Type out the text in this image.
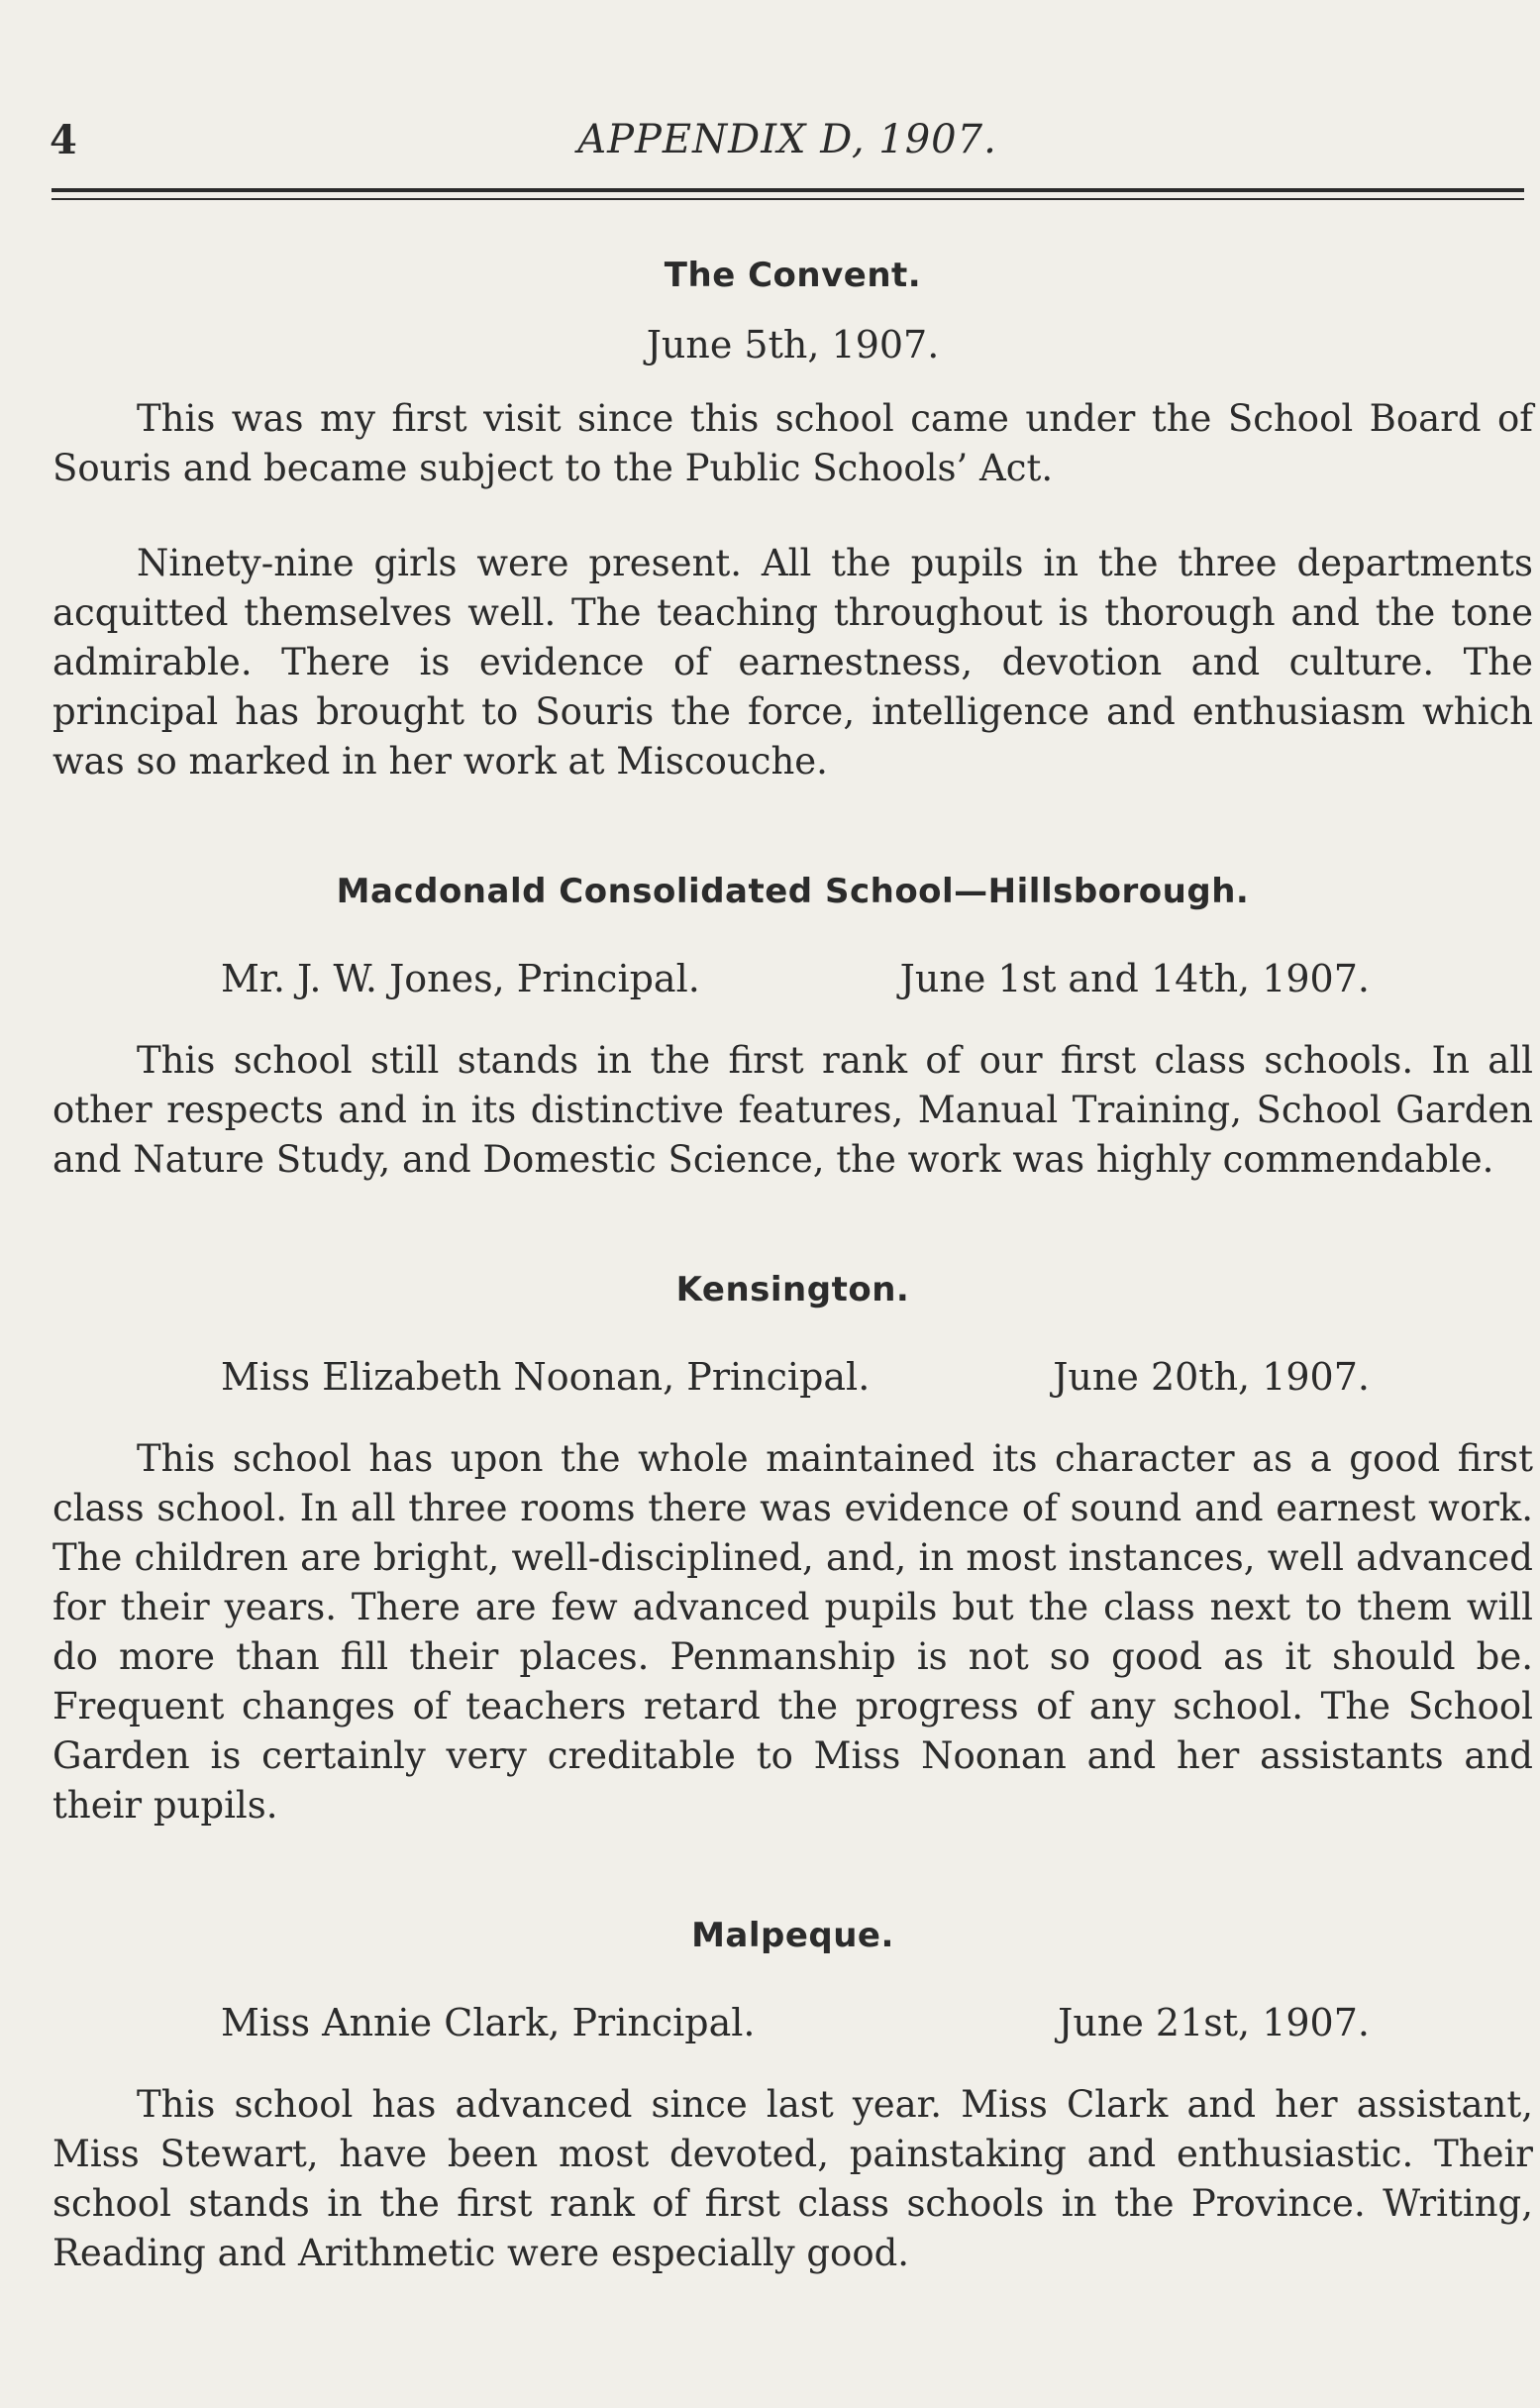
4	APPENDIX D, 1907.
The Convent.
June 5th, 1907.

This was my first visit since this school came under the School Board of Souris and became subject to the Public Schools’ Act.

Ninety-nine girls were present. All the pupils in the three departments acquitted themselves well. The teaching throughout is thorough and the tone admirable. There is evidence of earnestness, devotion and culture. The principal has brought to Souris the force, intelligence and enthusiasm which was so marked in her work at Miscouche.

Macdonald Consolidated School—Hillsborough.
Mr. J. W. Jones, Principal.	June 1st and 14th, 1907.

This school still stands in the first rank of our first class schools. In all other respects and in its distinctive features, Manual Training, School Garden and Nature Study, and Domestic Science, the work was highly commendable.

Kensington.
Miss Elizabeth Noonan, Principal.	June 20th, 1907.

This school has upon the whole maintained its character as a good first class school. In all three rooms there was evidence of sound and earnest work. The children are bright, well-disciplined, and, in most instances, well advanced for their years. There are few advanced pupils but the class next to them will do more than fill their places. Penmanship is not so good as it should be. Frequent changes of teachers retard the progress of any school. The School Garden is certainly very creditable to Miss Noonan and her assistants and their pupils.

Malpeque.
Miss Annie Clark, Principal.	June 21st, 1907.

This school has advanced since last year. Miss Clark and her assistant, Miss Stewart, have been most devoted, painstaking and enthusiastic. Their school stands in the first rank of first class schools in the Province. Writing, Reading and Arithmetic were especially good.
